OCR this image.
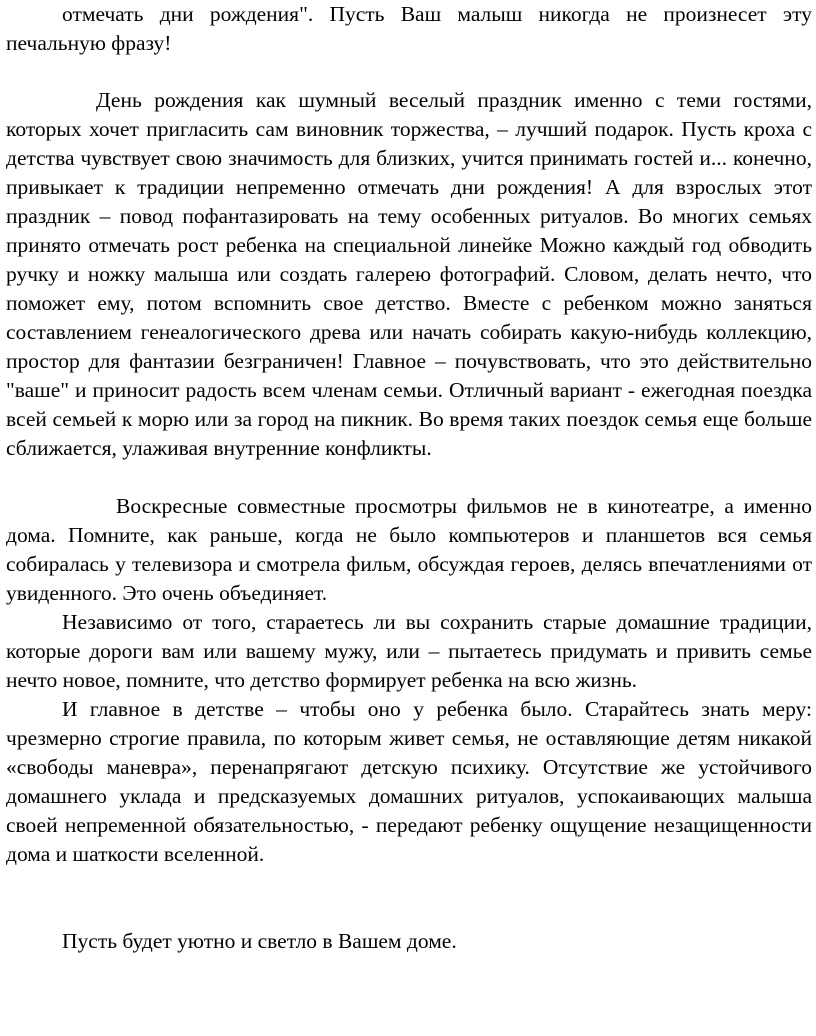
отмечать дни рождения". Пусть Ваш малыш никогда не произнесет эту печальную фразу!

День рождения как шумный веселый праздник именно с теми гостями, которых хочет пригласить сам виновник торжества, – лучший подарок. Пусть кроха с детства чувствует свою значимость для близких, учится принимать гостей и... конечно, привыкает к традиции непременно отмечать дни рождения! А для взрослых этот праздник – повод пофантазировать на тему особенных ритуалов. Во многих семьях принято отмечать рост ребенка на специальной линейке Можно каждый год обводить ручку и ножку малыша или создать галерею фотографий. Словом, делать нечто, что поможет ему, потом вспомнить свое детство. Вместе с ребенком можно заняться составлением генеалогического древа или начать собирать какую-нибудь коллекцию, простор для фантазии безграничен! Главное – почувствовать, что это действительно "ваше" и приносит радость всем членам семьи. Отличный вариант - ежегодная поездка всей семьей к морю или за город на пикник. Во время таких поездок семья еще больше сближается, улаживая внутренние конфликты.

Воскресные совместные просмотры фильмов не в кинотеатре, а именно дома. Помните, как раньше, когда не было компьютеров и планшетов вся семья собиралась у телевизора и смотрела фильм, обсуждая героев, делясь впечатлениями от увиденного. Это очень объединяет.

Независимо от того, стараетесь ли вы сохранить старые домашние традиции, которые дороги вам или вашему мужу, или – пытаетесь придумать и привить семье нечто новое, помните, что детство формирует ребенка на всю жизнь.

И главное в детстве – чтобы оно у ребенка было. Старайтесь знать меру: чрезмерно строгие правила, по которым живет семья, не оставляющие детям никакой «свободы маневра», перенапрягают детскую психику. Отсутствие же устойчивого домашнего уклада и предсказуемых домашних ритуалов, успокаивающих малыша своей непременной обязательностью, - передают ребенку ощущение незащищенности дома и шаткости вселенной.

Пусть будет уютно и светло в Вашем доме.
